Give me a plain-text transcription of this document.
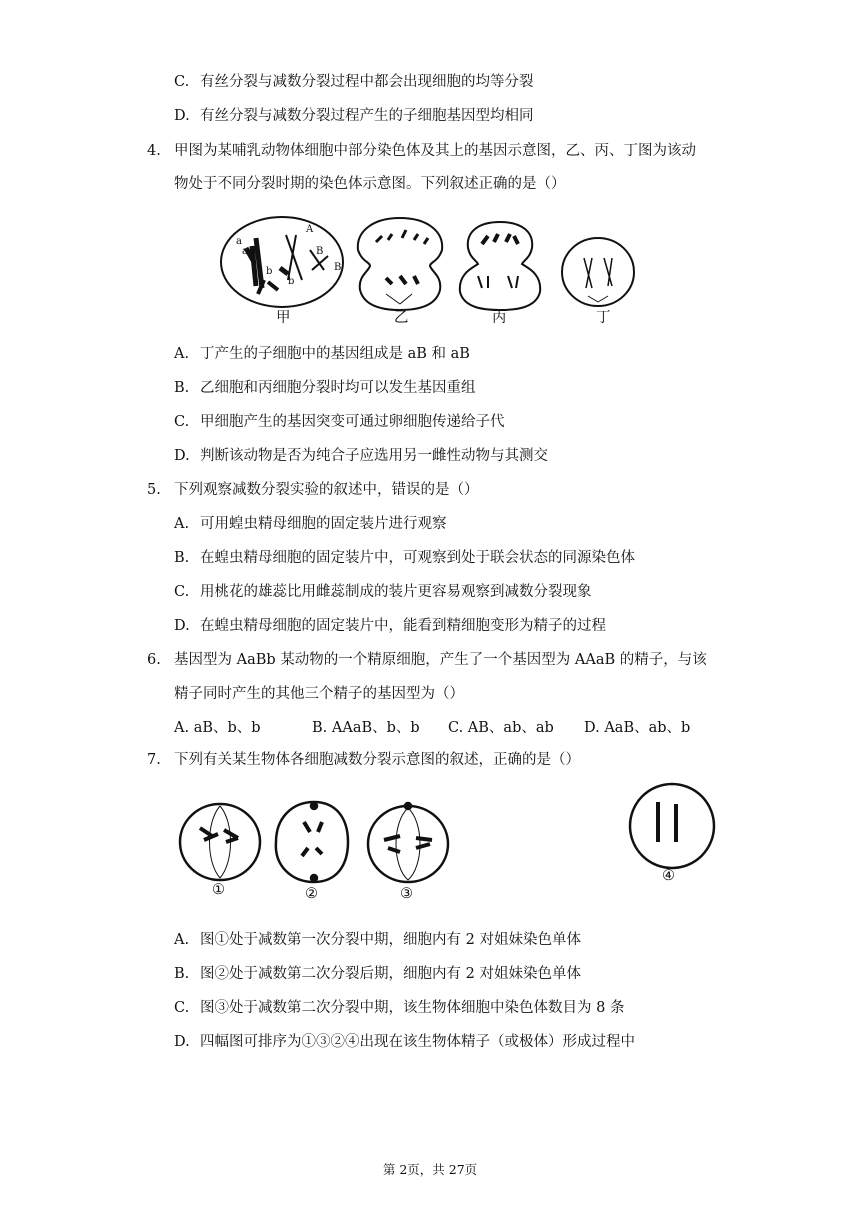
C. 有丝分裂与减数分裂过程中都会出现细胞的均等分裂
D. 有丝分裂与减数分裂过程产生的子细胞基因型均相同
4. 甲图为某哺乳动物体细胞中部分染色体及其上的基因示意图，乙、丙、丁图为该动
物处于不同分裂时期的染色体示意图。下列叙述正确的是（）
a
a
A
B
B
b
b
甲	乙	丙	丁
A. 丁产生的子细胞中的基因组成是 aB 和 aB
B. 乙细胞和丙细胞分裂时均可以发生基因重组
C. 甲细胞产生的基因突变可通过卵细胞传递给子代
D. 判断该动物是否为纯合子应选用另一雌性动物与其测交
5. 下列观察减数分裂实验的叙述中，错误的是（）
A. 可用蝗虫精母细胞的固定装片进行观察
B. 在蝗虫精母细胞的固定装片中，可观察到处于联会状态的同源染色体
C. 用桃花的雄蕊比用雌蕊制成的装片更容易观察到减数分裂现象
D. 在蝗虫精母细胞的固定装片中，能看到精细胞变形为精子的过程
6. 基因型为 AaBb 某动物的一个精原细胞，产生了一个基因型为 AAaB 的精子，与该
精子同时产生的其他三个精子的基因型为（）
A. aB、b、b	B. AAaB、b、b C. AB、ab、ab D. AaB、ab、b
7. 下列有关某生物体各细胞减数分裂示意图的叙述，正确的是（）
①	②	③
④
A. 图①处于减数第一次分裂中期，细胞内有 2 对姐妹染色单体
B. 图②处于减数第二次分裂后期，细胞内有 2 对姐妹染色单体
C. 图③处于减数第二次分裂中期，该生物体细胞中染色体数目为 8 条
D. 四幅图可排序为①③②④出现在该生物体精子（或极体）形成过程中
第 2页，共 27页
